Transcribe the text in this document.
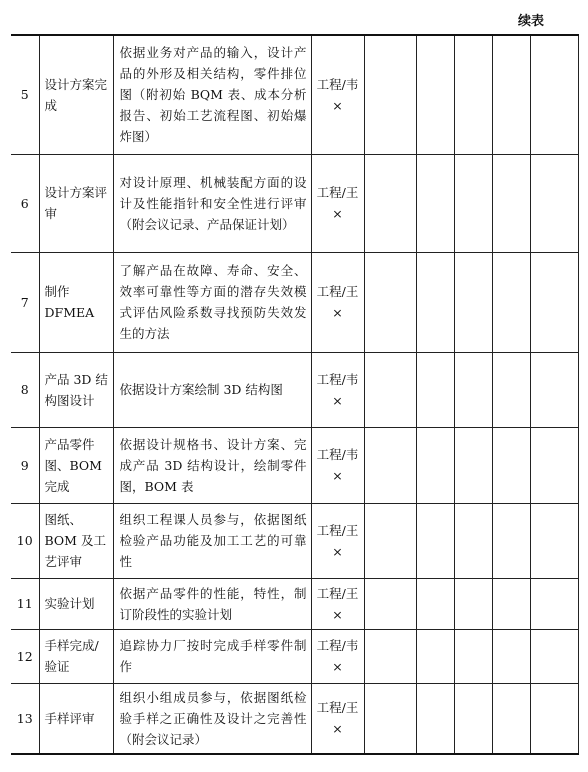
续表
5	设计方案完成	依据业务对产品的输入，设计产品的外形及相关结构，零件排位图（附初始 BQM 表、成本分析报告、初始工艺流程图、初始爆炸图）	工程/韦×					
6	设计方案评审	对设计原理、机械装配方面的设计及性能指针和安全性进行评审（附会议记录、产品保证计划）	工程/王×					
7	制作 DFMEA	了解产品在故障、寿命、安全、效率可靠性等方面的潜存失效模式评估风险系数寻找预防失效发生的方法	工程/王×					
8	产品 3D 结构图设计	依据设计方案绘制 3D 结构图	工程/韦×					
9	产品零件图、BOM 完成	依据设计规格书、设计方案、完成产品 3D 结构设计，绘制零件图，BOM 表	工程/韦×					
10	图纸、BOM 及工艺评审	组织工程课人员参与，依据图纸检验产品功能及加工工艺的可靠性	工程/王×					
11	实验计划	依据产品零件的性能，特性，制订阶段性的实验计划	工程/王×					
12	手样完成/验证	追踪协力厂按时完成手样零件制作	工程/韦×					
13	手样评审	组织小组成员参与，依据图纸检验手样之正确性及设计之完善性（附会议记录）	工程/王×					
